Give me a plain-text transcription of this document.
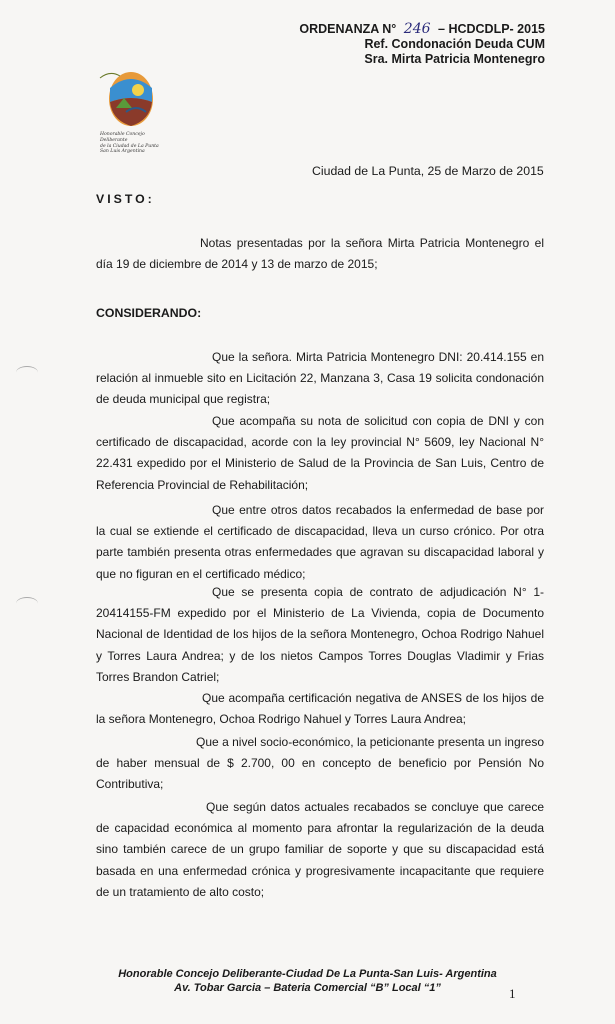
ORDENANZA N° 246 – HCDCDLP- 2015
Ref. Condonación Deuda CUM
Sra. Mirta Patricia Montenegro
Honorable Concejo Deliberante
de la Ciudad de La Punta
San Luis Argentina
Ciudad de La Punta, 25 de Marzo de 2015
VISTO:
Notas presentadas por la señora Mirta Patricia Montenegro el día 19 de diciembre de 2014 y 13 de marzo de 2015;
CONSIDERANDO:
Que la señora. Mirta Patricia Montenegro DNI: 20.414.155 en relación al inmueble sito en Licitación 22, Manzana 3, Casa 19 solicita condonación de deuda municipal que registra;
Que acompaña su nota de solicitud con copia de DNI y con certificado de discapacidad, acorde con la ley provincial N° 5609, ley Nacional N° 22.431 expedido por el Ministerio de Salud de la Provincia de San Luis, Centro de Referencia Provincial de Rehabilitación;
Que entre otros datos recabados la enfermedad de base por la cual se extiende el certificado de discapacidad, lleva un curso crónico. Por otra parte también presenta otras enfermedades que agravan su discapacidad laboral y que no figuran en el certificado médico;
Que se presenta copia de contrato de adjudicación N° 1-20414155-FM expedido por el Ministerio de La Vivienda, copia de Documento Nacional de Identidad de los hijos de la señora Montenegro, Ochoa Rodrigo Nahuel y Torres Laura Andrea; y de los nietos Campos Torres Douglas Vladimir y Frias Torres Brandon Catriel;
Que acompaña certificación negativa de ANSES de los hijos de la señora Montenegro, Ochoa Rodrigo Nahuel y Torres Laura Andrea;
Que a nivel socio-económico, la peticionante presenta un ingreso de haber mensual de $ 2.700, 00 en concepto de beneficio por Pensión No Contributiva;
Que según datos actuales recabados se concluye que carece de capacidad económica al momento para afrontar la regularización de la deuda sino también carece de un grupo familiar de soporte y que su discapacidad está basada en una enfermedad crónica y progresivamente incapacitante que requiere de un tratamiento de alto costo;
Honorable Concejo Deliberante-Ciudad De La Punta-San Luis- Argentina
Av. Tobar Garcia – Bateria Comercial “B” Local “1”	1
